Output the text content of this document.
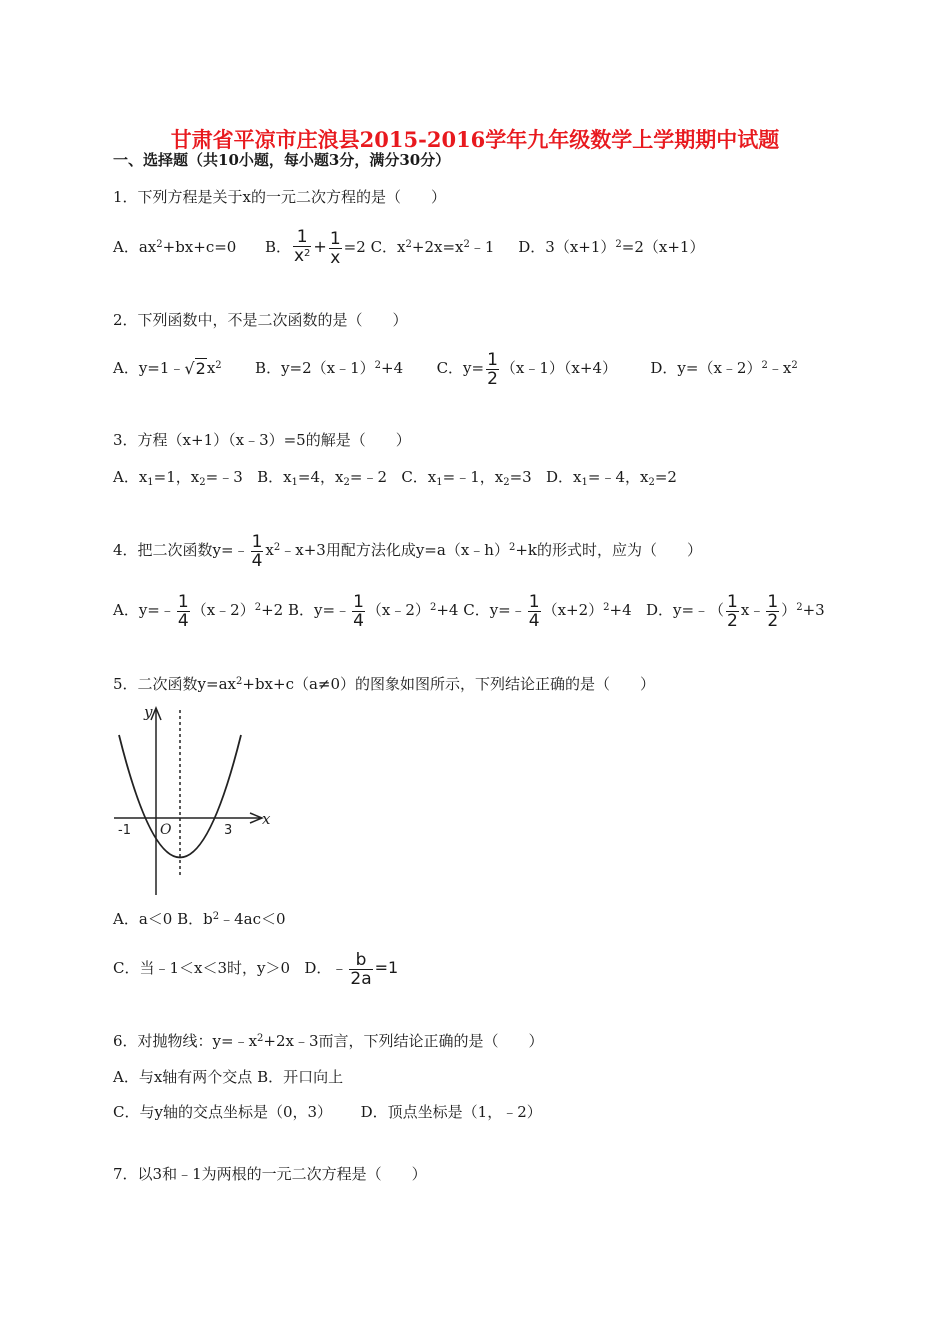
甘肃省平凉市庄浪县2015-2016学年九年级数学上学期期中试题
一、选择题（共10小题，每小题3分，满分30分）
1．下列方程是关于x的一元二次方程的是（　　）
A．$ax^2+bx+c=0$ B． $\frac{1}{x^2} + \frac{1}{x} =2$ C．$x^2+2x=x^2﹣1$ D．$3(x+1)^2=2(x+1)$
2．下列函数中，不是二次函数的是（　　）
A．$y=1﹣√2x^2$ B．y=2（x﹣1）$^2$+4 C．$y= \frac{1}{2}$ （x﹣1）（x+4） D．$y=(x﹣2)^2﹣x^2$
3．方程（x+1）（x﹣3）=5的解是（　　）
A．$x_1=1$，$x_2=﹣3$ B．$x_1=4$，$x_2=﹣2$ C．$x_1=﹣1$，$x_2=3$ D．$x_1=﹣4$，$x_2=2$
4．把二次函数y=﹣ $\frac{1}{4}$ $x^2﹣x+3$用配方法化成y=a（x﹣h）$^2$+k的形式时，应为（　　）
A．y=﹣ $\frac{1}{4}$ （x﹣2）$^2$+2 B．y=﹣ $\frac{1}{4}$ （x﹣2）$^2$+4 C．y=﹣ $\frac{1}{4} (x+2)^2+4$ D．y=﹣（ $\frac{1}{2}$ x﹣ $\frac{1}{2} )^2+3$
5．二次函数$y=ax^2+bx+c(a\ne 0)$的图象如图所示，下列结论正确的是（　　）
y
x
O
-1	3
A．a＜0 B．$b^2﹣4ac<0$
C．当﹣1＜x＜3时，y＞0 D．﹣ $\frac{b}{2a} =1$
6．对抛物线：$y=﹣x^2+2x﹣3$而言，下列结论正确的是（　　）
A．与x轴有两个交点 B．开口向上
C．与y轴的交点坐标是（0，3） D．顶点坐标是（1，﹣2）
7．以3和﹣1为两根的一元二次方程是（　　）
